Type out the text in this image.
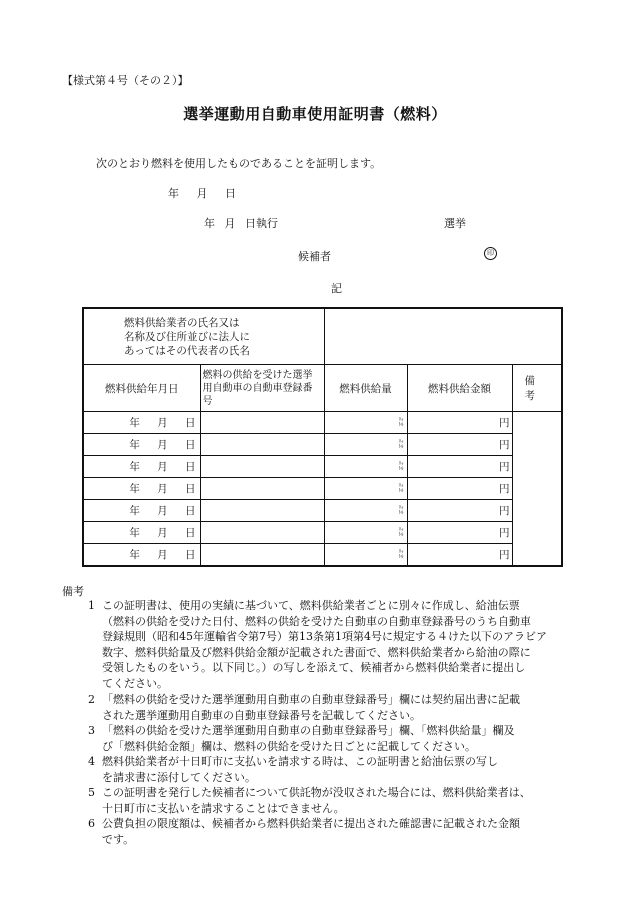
【様式第４号（その２）】
選挙運動用自動車使用証明書（燃料）
次のとおり燃料を使用したものであることを証明します。
年 月 日
年 月 日執行	選挙
候補者	印
記
燃料供給業者の氏名又は
名称及び住所並びに法人に
あってはその代表者の氏名				
燃料供給年月日	燃料の供給を受けた選挙用自動車の自動車登録番号	燃料供給量	燃料供給金額	備　考
年 月 日		ﾘｯﾄﾙ	円	
年 月 日		ﾘｯﾄﾙ	円	
年 月 日		ﾘｯﾄﾙ	円	
年 月 日		ﾘｯﾄﾙ	円	
年 月 日		ﾘｯﾄﾙ	円	
年 月 日		ﾘｯﾄﾙ	円	
年 月 日		ﾘｯﾄﾙ	円	
備考
1 この証明書は、使用の実績に基づいて、燃料供給業者ごとに別々に作成し、給油伝票
（燃料の供給を受けた日付、燃料の供給を受けた自動車の自動車登録番号のうち自動車
登録規則（昭和45年運輸省令第7号）第13条第1項第4号に規定する４けた以下のアラビア
数字、燃料供給量及び燃料供給金額が記載された書面で、燃料供給業者から給油の際に
受領したものをいう。以下同じ。）の写しを添えて、候補者から燃料供給業者に提出し
てください。
2 「燃料の供給を受けた選挙運動用自動車の自動車登録番号」欄には契約届出書に記載
された選挙運動用自動車の自動車登録番号を記載してください。
3 「燃料の供給を受けた選挙運動用自動車の自動車登録番号」欄、「燃料供給量」欄及
び「燃料供給金額」欄は、燃料の供給を受けた日ごとに記載してください。
4 燃料供給業者が十日町市に支払いを請求する時は、この証明書と給油伝票の写し
を請求書に添付してください。
5 この証明書を発行した候補者について供託物が没収された場合には、燃料供給業者は、
十日町市に支払いを請求することはできません。
6 公費負担の限度額は、候補者から燃料供給業者に提出された確認書に記載された金額
です。
